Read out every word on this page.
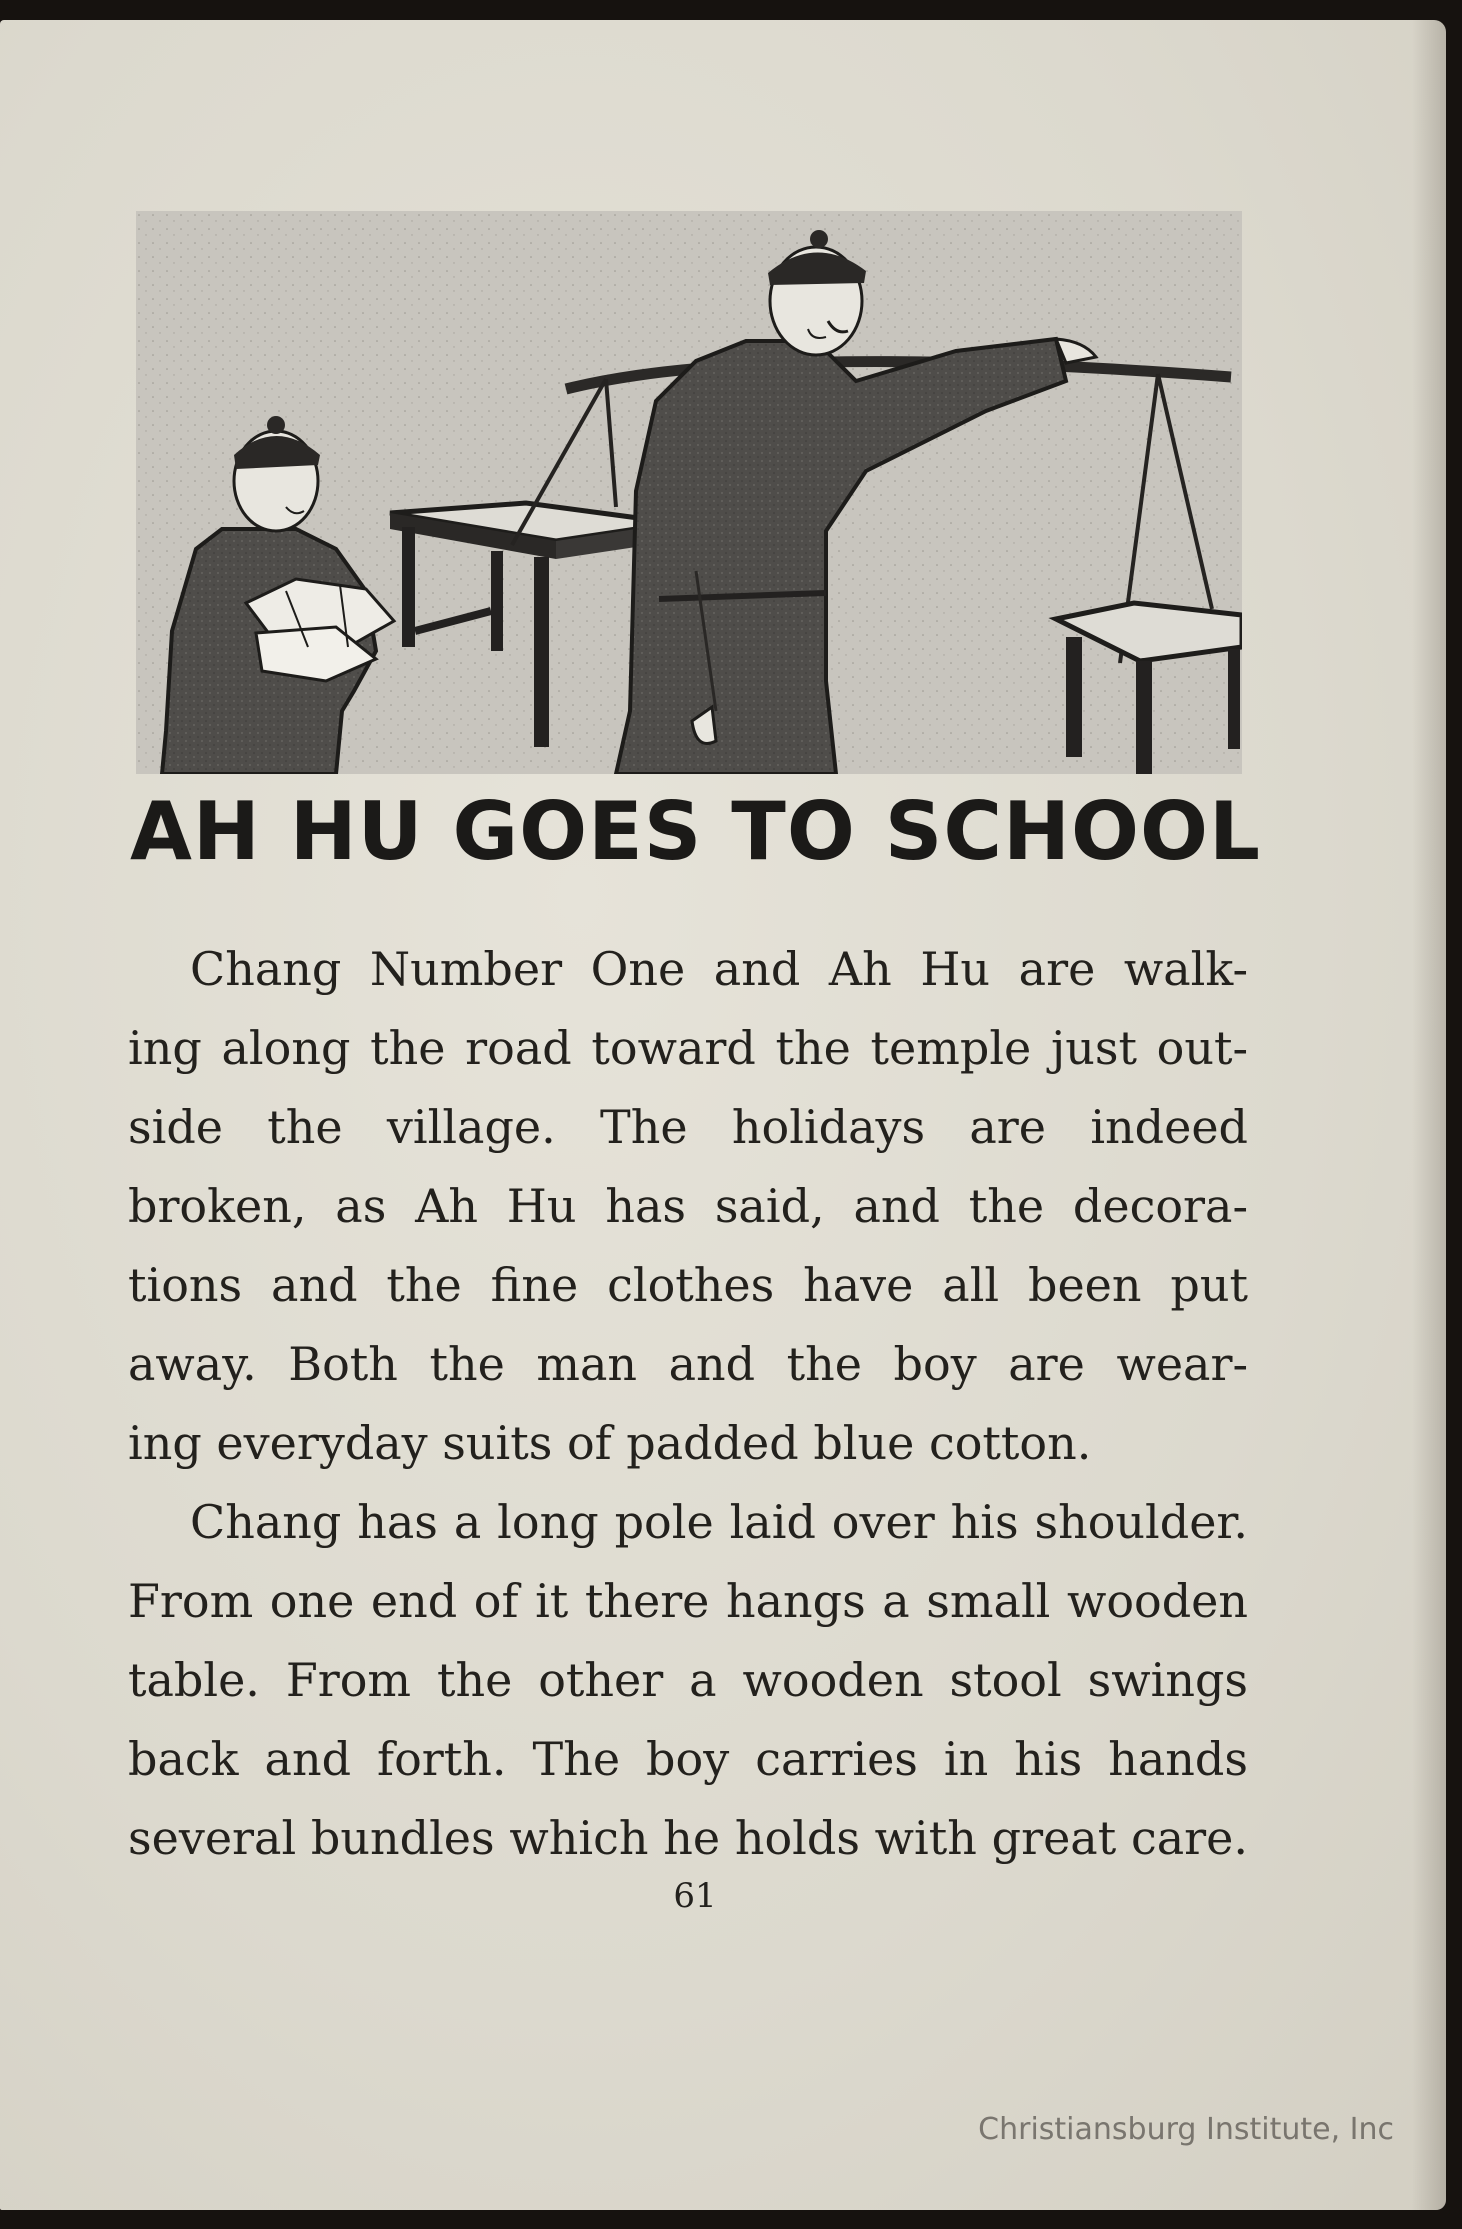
AH HU GOES TO SCHOOL
Chang Number One and Ah Hu are walk-
ing along the road toward the temple just out-
side the village. The holidays are indeed
broken, as Ah Hu has said, and the decora-
tions and the fine clothes have all been put
away. Both the man and the boy are wear-
ing everyday suits of padded blue cotton.
Chang has a long pole laid over his shoulder.
From one end of it there hangs a small wooden
table. From the other a wooden stool swings
back and forth. The boy carries in his hands
several bundles which he holds with great care.
61
Christiansburg Institute, Inc
